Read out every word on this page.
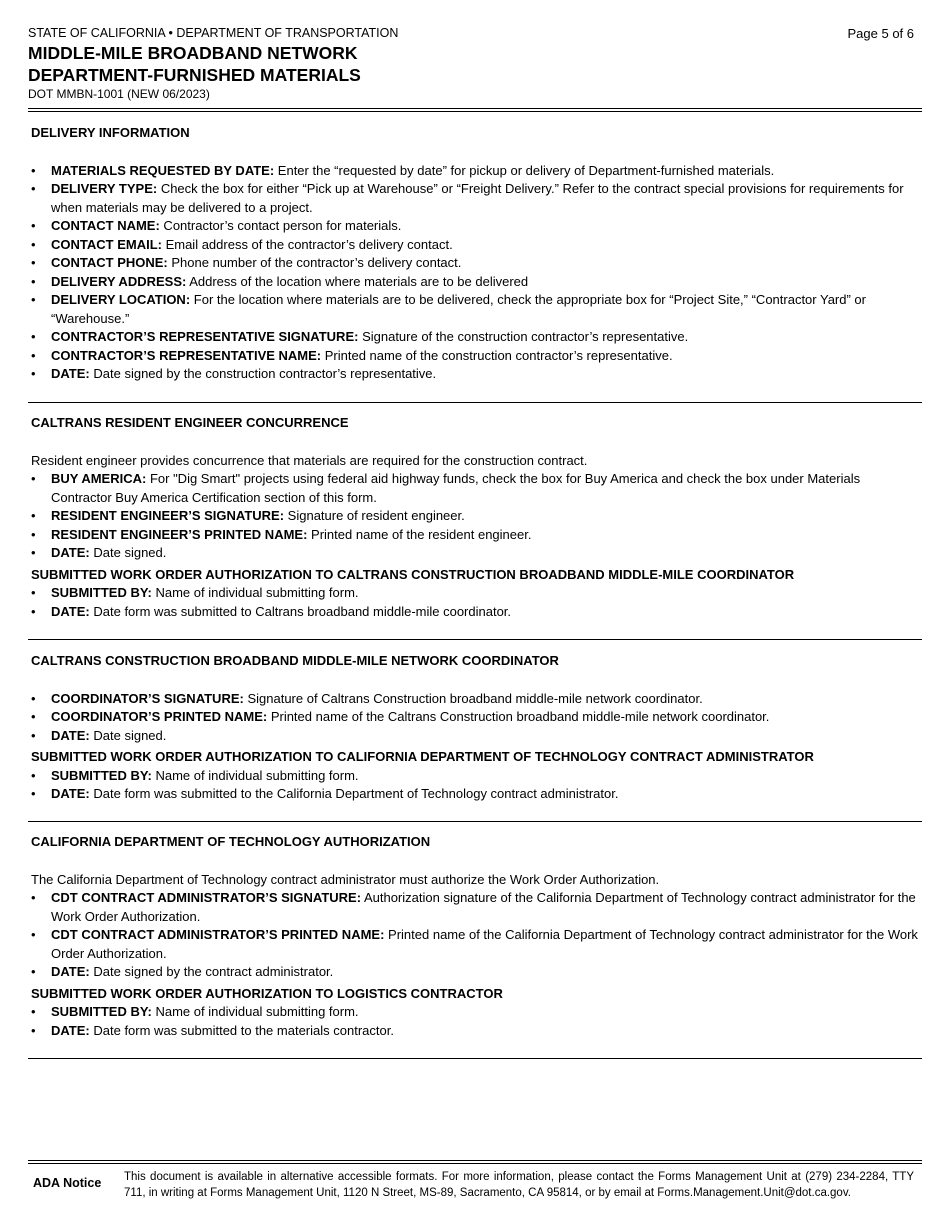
STATE OF CALIFORNIA • DEPARTMENT OF TRANSPORTATION	Page 5 of 6
MIDDLE-MILE BROADBAND NETWORK
DEPARTMENT-FURNISHED MATERIALS
DOT MMBN-1001 (NEW 06/2023)

DELIVERY INFORMATION

• MATERIALS REQUESTED BY DATE: Enter the “requested by date” for pickup or delivery of Department-furnished materials.
• DELIVERY TYPE: Check the box for either “Pick up at Warehouse” or “Freight Delivery.” Refer to the contract special provisions for requirements for when materials may be delivered to a project.
• CONTACT NAME: Contractor’s contact person for materials.
• CONTACT EMAIL: Email address of the contractor’s delivery contact.
• CONTACT PHONE: Phone number of the contractor’s delivery contact.
• DELIVERY ADDRESS: Address of the location where materials are to be delivered
• DELIVERY LOCATION: For the location where materials are to be delivered, check the appropriate box for “Project Site,” “Contractor Yard” or “Warehouse.”
• CONTRACTOR’S REPRESENTATIVE SIGNATURE: Signature of the construction contractor’s representative.
• CONTRACTOR’S REPRESENTATIVE NAME: Printed name of the construction contractor’s representative.
• DATE: Date signed by the construction contractor’s representative.

CALTRANS RESIDENT ENGINEER CONCURRENCE

Resident engineer provides concurrence that materials are required for the construction contract.

• BUY AMERICA: For "Dig Smart" projects using federal aid highway funds, check the box for Buy America and check the box under Materials Contractor Buy America Certification section of this form.
• RESIDENT ENGINEER’S SIGNATURE: Signature of resident engineer.
• RESIDENT ENGINEER’S PRINTED NAME: Printed name of the resident engineer.
• DATE: Date signed.

SUBMITTED WORK ORDER AUTHORIZATION TO CALTRANS CONSTRUCTION BROADBAND MIDDLE-MILE COORDINATOR

• SUBMITTED BY: Name of individual submitting form.
• DATE: Date form was submitted to Caltrans broadband middle-mile coordinator.

CALTRANS CONSTRUCTION BROADBAND MIDDLE-MILE NETWORK COORDINATOR

• COORDINATOR’S SIGNATURE: Signature of Caltrans Construction broadband middle-mile network coordinator.
• COORDINATOR’S PRINTED NAME: Printed name of the Caltrans Construction broadband middle-mile network coordinator.
• DATE: Date signed.

SUBMITTED WORK ORDER AUTHORIZATION TO CALIFORNIA DEPARTMENT OF TECHNOLOGY CONTRACT ADMINISTRATOR

• SUBMITTED BY: Name of individual submitting form.
• DATE: Date form was submitted to the California Department of Technology contract administrator.

CALIFORNIA DEPARTMENT OF TECHNOLOGY AUTHORIZATION

The California Department of Technology contract administrator must authorize the Work Order Authorization.

• CDT CONTRACT ADMINISTRATOR’S SIGNATURE: Authorization signature of the California Department of Technology contract administrator for the Work Order Authorization.
• CDT CONTRACT ADMINISTRATOR’S PRINTED NAME: Printed name of the California Department of Technology contract administrator for the Work Order Authorization.
• DATE: Date signed by the contract administrator.

SUBMITTED WORK ORDER AUTHORIZATION TO LOGISTICS CONTRACTOR

• SUBMITTED BY: Name of individual submitting form.
• DATE: Date form was submitted to the materials contractor.
ADA Notice This document is available in alternative accessible formats. For more information, please contact the Forms Management Unit at (279) 234-2284, TTY 711, in writing at Forms Management Unit, 1120 N Street, MS-89, Sacramento, CA 95814, or by email at Forms.Management.Unit@dot.ca.gov.
